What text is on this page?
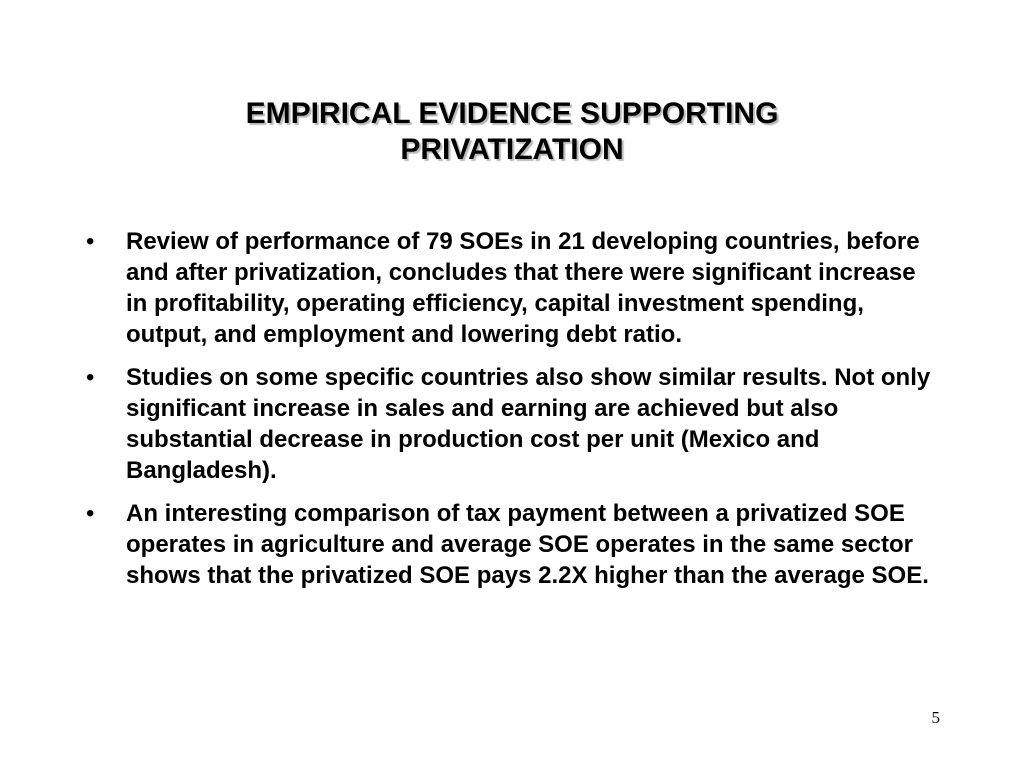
EMPIRICAL EVIDENCE SUPPORTING
PRIVATIZATION
•	Review of performance of 79 SOEs in 21 developing countries, before and after privatization, concludes that there were significant increase in profitability, operating efficiency, capital investment spending, output, and employment and lowering debt ratio.
•	Studies on some specific countries also show similar results. Not only significant increase in sales and earning are achieved but also substantial decrease in production cost per unit (Mexico and Bangladesh).
•	An interesting comparison of tax payment between a privatized SOE operates in agriculture and average SOE operates in the same sector shows that the privatized SOE pays 2.2X higher than the average SOE.
5
